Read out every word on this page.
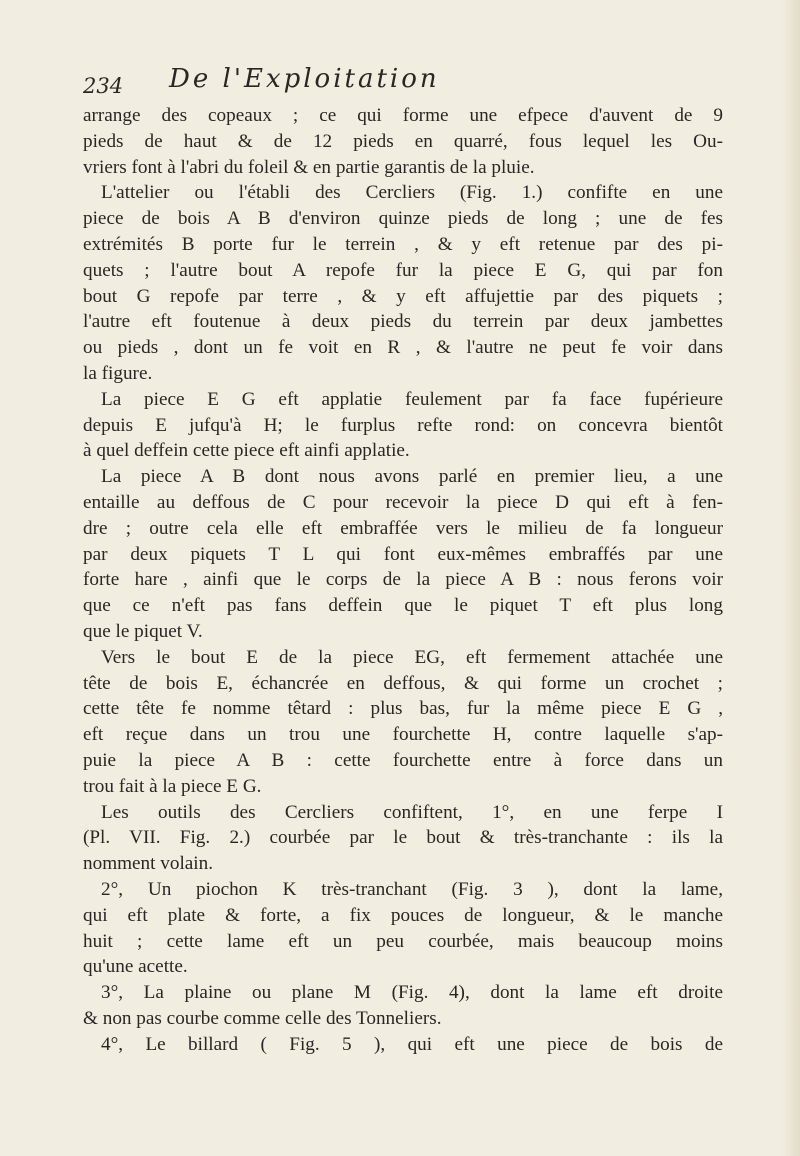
234 De l'Exploitation
arrange des copeaux ; ce qui forme une efpece d'auvent de 9
pieds de haut & de 12 pieds en quarré, fous lequel les Ou-
vriers font à l'abri du foleil & en partie garantis de la pluie.
L'attelier ou l'établi des Cercliers (Fig. 1.) confifte en une
piece de bois A B d'environ quinze pieds de long ; une de fes
extrémités B porte fur le terrein , & y eft retenue par des pi-
quets ; l'autre bout A repofe fur la piece E G, qui par fon
bout G repofe par terre , & y eft affujettie par des piquets ;
l'autre eft foutenue à deux pieds du terrein par deux jambettes
ou pieds , dont un fe voit en R , & l'autre ne peut fe voir dans
la figure.
La piece E G eft applatie feulement par fa face fupérieure
depuis E jufqu'à H; le furplus refte rond: on concevra bientôt
à quel deffein cette piece eft ainfi applatie.
La piece A B dont nous avons parlé en premier lieu, a une
entaille au deffous de C pour recevoir la piece D qui eft à fen-
dre ; outre cela elle eft embraffée vers le milieu de fa longueur
par deux piquets T L qui font eux-mêmes embraffés par une
forte hare , ainfi que le corps de la piece A B : nous ferons voir
que ce n'eft pas fans deffein que le piquet T eft plus long
que le piquet V.
Vers le bout E de la piece EG, eft fermement attachée une
tête de bois E, échancrée en deffous, & qui forme un crochet ;
cette tête fe nomme têtard : plus bas, fur la même piece E G ,
eft reçue dans un trou une fourchette H, contre laquelle s'ap-
puie la piece A B : cette fourchette entre à force dans un
trou fait à la piece E G.
Les outils des Cercliers confiftent, 1°, en une ferpe I
(Pl. VII. Fig. 2.) courbée par le bout & très-tranchante : ils la
nomment volain.
2°, Un piochon K très-tranchant (Fig. 3 ), dont la lame,
qui eft plate & forte, a fix pouces de longueur, & le manche
huit ; cette lame eft un peu courbée, mais beaucoup moins
qu'une acette.
3°, La plaine ou plane M (Fig. 4), dont la lame eft droite
& non pas courbe comme celle des Tonneliers.
4°, Le billard ( Fig. 5 ), qui eft une piece de bois de
